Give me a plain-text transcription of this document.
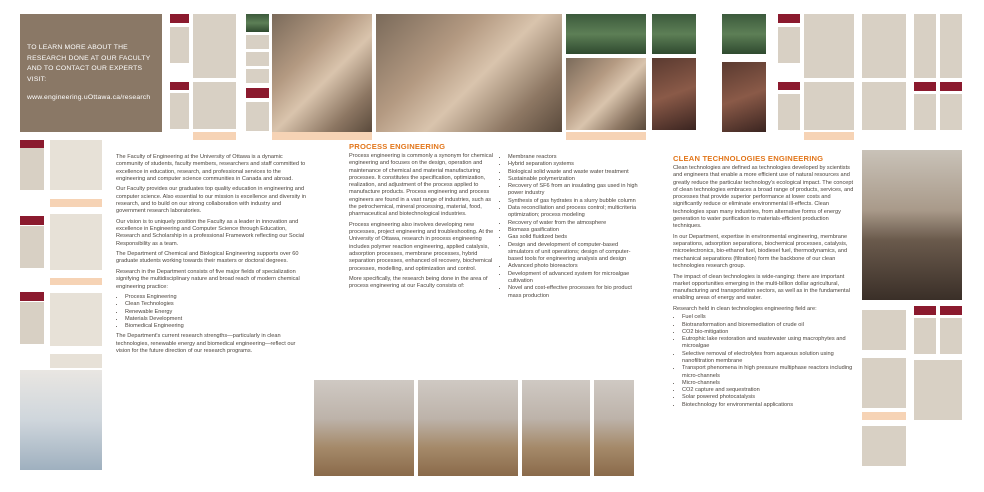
TO LEARN MORE ABOUT THE
RESEARCH DONE AT OUR FACULTY
AND TO CONTACT OUR EXPERTS VISIT:
www.engineering.uOttawa.ca/research

The Faculty of Engineering at the University of Ottawa is a dynamic community of students, faculty members, researchers and staff committed to excellence in education, research, and professional services to the engineering and computer science communities in Canada and abroad.

Our Faculty provides our graduates top quality education in engineering and computer science. Also essential to our mission is excellence and diversity in research, and to build on our strong collaboration with industry and government research laboratories.

Our vision is to uniquely position the Faculty as a leader in innovation and excellence in Engineering and Computer Science through Education, Research and Scholarship in a professional Framework reflecting our Social Responsibility as a team.

The Department of Chemical and Biological Engineering supports over 60 graduate students working towards their masters or doctoral degrees.

Research in the Department consists of five major fields of specialization signifying the multidisciplinary nature and broad reach of modern chemical engineering practice:

• Process Engineering
• Clean Technologies
• Renewable Energy
• Materials Development
• Biomedical Engineering

The Department's current research strengths—particularly in clean technologies, renewable energy and biomedical engineering—reflect our vision for the future direction of our research programs.

PROCESS ENGINEERING

Process engineering is commonly a synonym for chemical engineering and focuses on the design, operation and maintenance of chemical and material manufacturing processes. It constitutes the specification, optimization, realization, and adjustment of the process applied to manufacture products. Process engineering and process engineers are found in a vast range of industries, such as the petrochemical, mineral processing, material, food, pharmaceutical and biotechnological industries.

Process engineering also involves developing new processes, project engineering and troubleshooting. At the University of Ottawa, research in process engineering includes polymer reaction engineering, applied catalysis, adsorption processes, membrane processes, hybrid separation processes, enhanced oil recovery, biochemical processes, modelling, and optimization and control.

More specifically, the research being done in the area of process engineering at our Faculty consists of:

• Membrane reactors
• Hybrid separation systems
• Biological solid waste and waste water treatment
• Sustainable polymerization
• Recovery of SF6 from an insulating gas used in high power industry
• Synthesis of gas hydrates in a slurry bubble column
• Data reconciliation and process control; multicriteria optimization; process modeling
• Recovery of water from the atmosphere
• Biomass gasification
• Gas solid fluidized beds
• Design and development of computer-based simulators of unit operations; design of computer-based tools for engineering analysis and design
• Advanced photo bioreactors
• Development of advanced system for microalgae cultivation
• Novel and cost-effective processes for bio product mass production
CLEAN TECHNOLOGIES ENGINEERING

Clean technologies are defined as technologies developed by scientists and engineers that enable a more efficient use of natural resources and greatly reduce the particular technology's ecological impact. The concept of clean technologies embraces a broad range of products, services, and processes that provide superior performance at lower costs and significantly reduce or eliminate environmental ill-effects. Clean technologies span many industries, from alternative forms of energy generation to water purification to materials-efficient production techniques.

In our Department, expertise in environmental engineering, membrane separations, adsorption separations, biochemical processes, catalysis, microelectronics, bio-ethanol fuel, biodiesel fuel, thermodynamics, and mechanical separations (filtration) form the backbone of our clean technologies research group.

The impact of clean technologies is wide-ranging: there are important market opportunities emerging in the multi-billion dollar agricultural, manufacturing and transportation sectors, as well as in the fundamental enabling areas of energy and water.

Research held in clean technologies engineering field are:

• Fuel cells
• Biotransformation and bioremediation of crude oil
• CO2 bio-mitigation
• Eutrophic lake restoration and wastewater using macrophytes and microalgae
• Selective removal of electrolytes from aqueous solution using nanofiltration membrane
• Transport phenomena in high pressure multiphase reactors including micro-channels
• Micro-channels
• CO2 capture and sequestration
• Solar powered photocatalysis
• Biotechnology for environmental applications
